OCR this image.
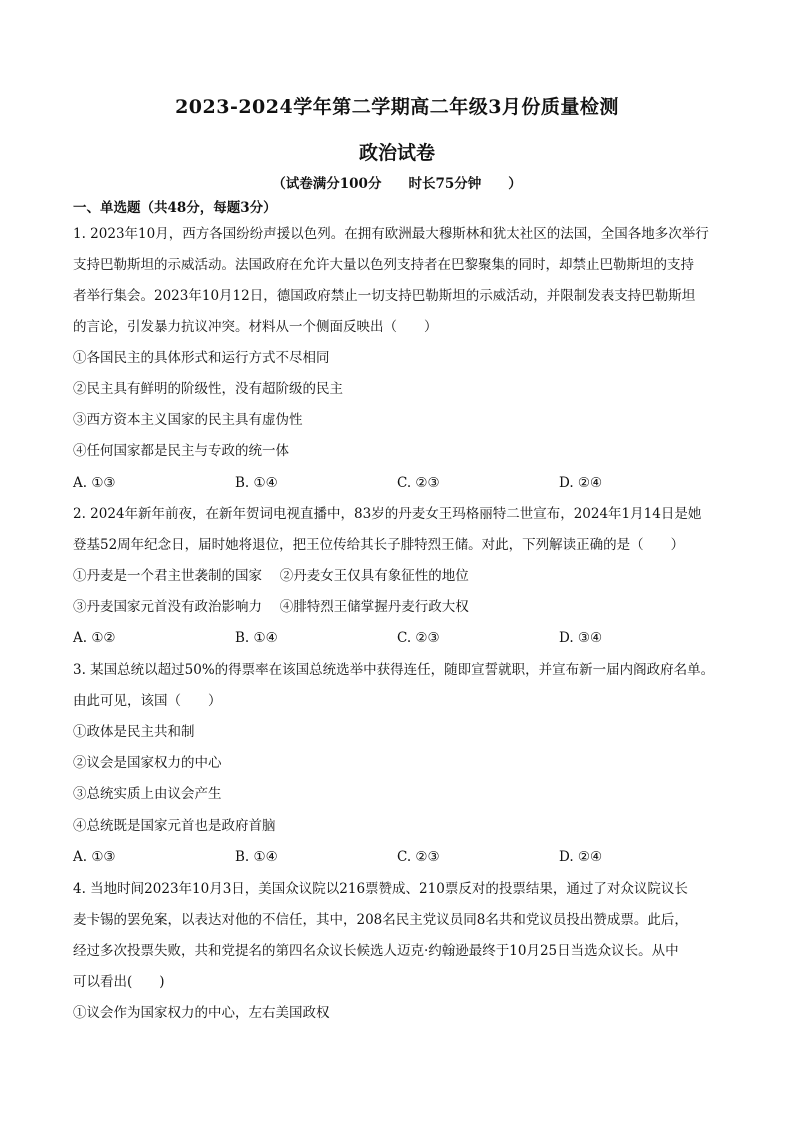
2023-2024学年第二学期高二年级3月份质量检测
政治试卷
（试卷满分100分　　时长75分钟　　）
一、单选题（共48分，每题3分）
1. 2023年10月，西方各国纷纷声援以色列。在拥有欧洲最大穆斯林和犹太社区的法国，全国各地多次举行
支持巴勒斯坦的示威活动。法国政府在允许大量以色列支持者在巴黎聚集的同时，却禁止巴勒斯坦的支持
者举行集会。2023年10月12日，德国政府禁止一切支持巴勒斯坦的示威活动，并限制发表支持巴勒斯坦
的言论，引发暴力抗议冲突。材料从一个侧面反映出（　　）
①各国民主的具体形式和运行方式不尽相同
②民主具有鲜明的阶级性，没有超阶级的民主
③西方资本主义国家的民主具有虚伪性
④任何国家都是民主与专政的统一体
A. ①③	B. ①④	C. ②③	D. ②④
2. 2024年新年前夜，在新年贺词电视直播中，83岁的丹麦女王玛格丽特二世宣布，2024年1月14日是她
登基52周年纪念日，届时她将退位，把王位传给其长子腓特烈王储。对此，下列解读正确的是（　　）
①丹麦是一个君主世袭制的国家　 ②丹麦女王仅具有象征性的地位
③丹麦国家元首没有政治影响力　 ④腓特烈王储掌握丹麦行政大权
A. ①②	B. ①④	C. ②③	D. ③④
3. 某国总统以超过50%的得票率在该国总统选举中获得连任，随即宣誓就职，并宣布新一届内阁政府名单。
由此可见，该国（　　）
①政体是民主共和制
②议会是国家权力的中心
③总统实质上由议会产生
④总统既是国家元首也是政府首脑
A. ①③	B. ①④	C. ②③	D. ②④
4. 当地时间2023年10月3日，美国众议院以216票赞成、210票反对的投票结果，通过了对众议院议长
麦卡锡的罢免案，以表达对他的不信任，其中，208名民主党议员同8名共和党议员投出赞成票。此后，
经过多次投票失败，共和党提名的第四名众议长候选人迈克·约翰逊最终于10月25日当选众议长。从中
可以看出(　　)
①议会作为国家权力的中心，左右美国政权
